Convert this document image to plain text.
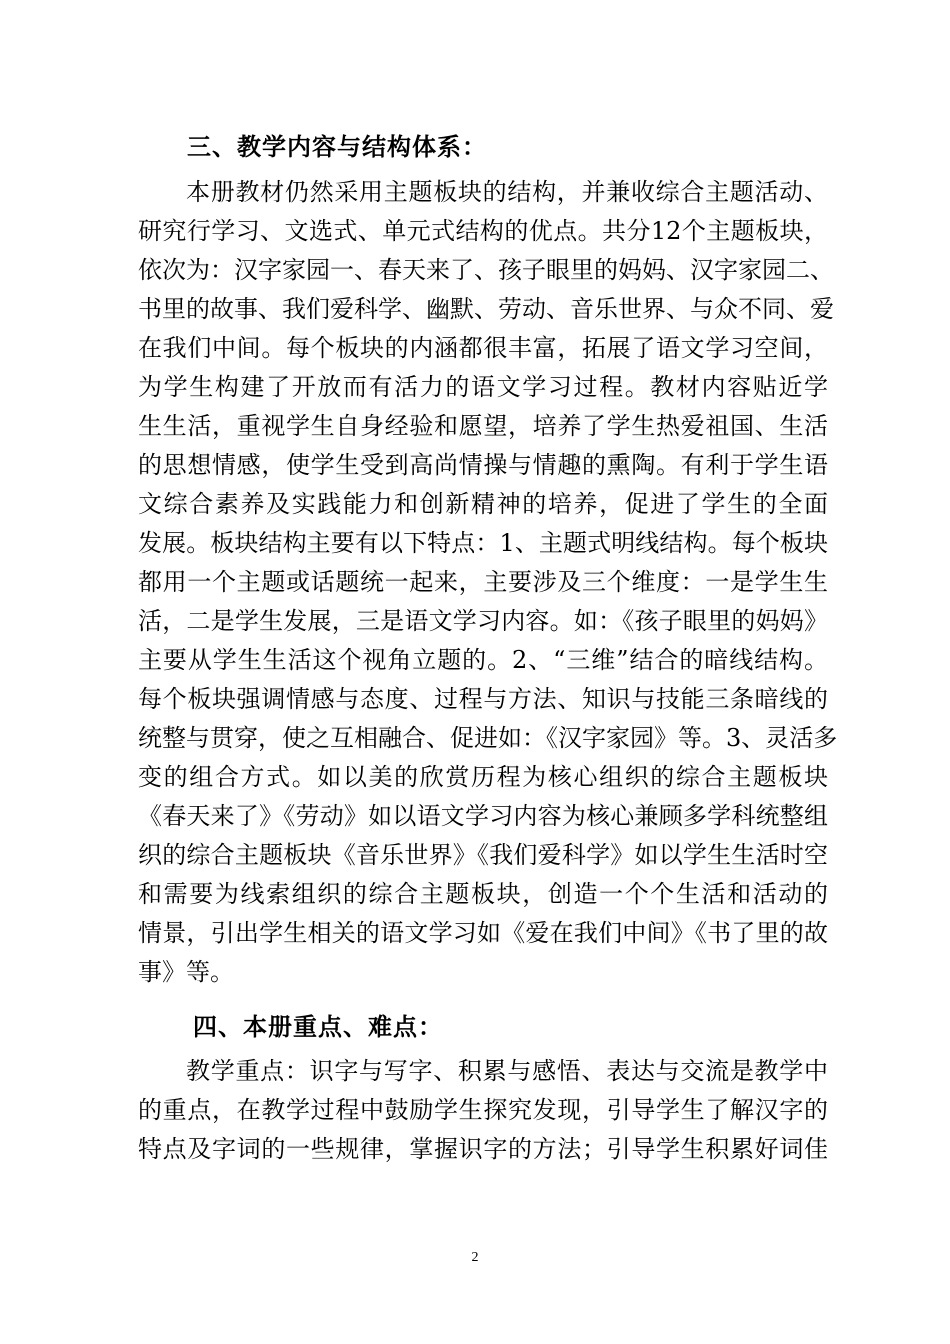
三、教学内容与结构体系：
本册教材仍然采用主题板块的结构，并兼收综合主题活动、
研究行学习、文选式、单元式结构的优点。共分12个主题板块，
依次为：汉字家园一、春天来了、孩子眼里的妈妈、汉字家园二、
书里的故事、我们爱科学、幽默、劳动、音乐世界、与众不同、爱
在我们中间。每个板块的内涵都很丰富，拓展了语文学习空间，
为学生构建了开放而有活力的语文学习过程。教材内容贴近学
生生活，重视学生自身经验和愿望，培养了学生热爱祖国、生活
的思想情感，使学生受到高尚情操与情趣的熏陶。有利于学生语
文综合素养及实践能力和创新精神的培养，促进了学生的全面
发展。板块结构主要有以下特点：1、主题式明线结构。每个板块
都用一个主题或话题统一起来，主要涉及三个维度：一是学生生
活，二是学生发展，三是语文学习内容。如：《孩子眼里的妈妈》
主要从学生生活这个视角立题的。2、“三维”结合的暗线结构。
每个板块强调情感与态度、过程与方法、知识与技能三条暗线的
统整与贯穿，使之互相融合、促进如：《汉字家园》等。3、灵活多
变的组合方式。如以美的欣赏历程为核心组织的综合主题板块
《春天来了》《劳动》如以语文学习内容为核心兼顾多学科统整组
织的综合主题板块《音乐世界》《我们爱科学》如以学生生活时空
和需要为线索组织的综合主题板块，创造一个个生活和活动的
情景，引出学生相关的语文学习如《爱在我们中间》《书了里的故
事》等。
四、本册重点、难点：
教学重点：识字与写字、积累与感悟、表达与交流是教学中
的重点，在教学过程中鼓励学生探究发现，引导学生了解汉字的
特点及字词的一些规律，掌握识字的方法；引导学生积累好词佳
2
